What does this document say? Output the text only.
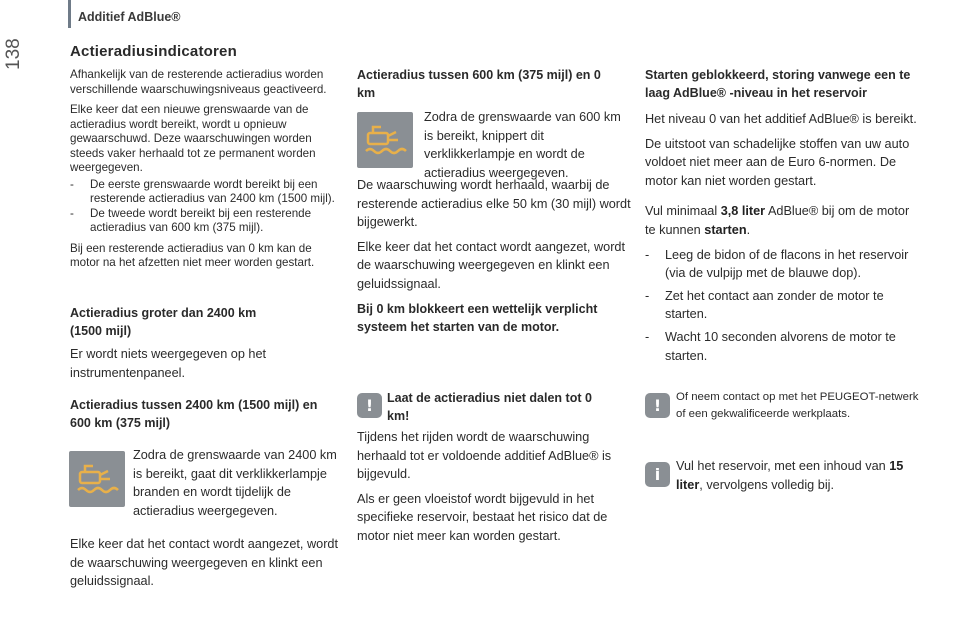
Additief AdBlue®
138	Actieradiusindicatoren

Afhankelijk van de resterende actieradius worden verschillende waarschuwingsniveaus geactiveerd.

Elke keer dat een nieuwe grenswaarde van de actieradius wordt bereikt, wordt u opnieuw gewaarschuwd. Deze waarschuwingen worden steeds vaker herhaald tot ze permanent worden weergegeven.

- De eerste grenswaarde wordt bereikt bij een resterende actieradius van 2400 km (1500 mijl).
- De tweede wordt bereikt bij een resterende actieradius van 600 km (375 mijl).

Bij een resterende actieradius van 0 km kan de motor na het afzetten niet meer worden gestart.

Actieradius groter dan 2400 km (1500 mijl)

Er wordt niets weergegeven op het instrumentenpaneel.

Actieradius tussen 2400 km (1500 mijl) en 600 km (375 mijl)

Zodra de grenswaarde van 2400 km is bereikt, gaat dit verklikkerlampje branden en wordt tijdelijk de actieradius weergegeven.

Elke keer dat het contact wordt aangezet, wordt de waarschuwing weergegeven en klinkt een geluidssignaal.

Actieradius tussen 600 km (375 mijl) en 0 km

Zodra de grenswaarde van 600 km is bereikt, knippert dit verklikkerlampje en wordt de actieradius weergegeven.

De waarschuwing wordt herhaald, waarbij de resterende actieradius elke 50 km (30 mijl) wordt bijgewerkt.

Elke keer dat het contact wordt aangezet, wordt de waarschuwing weergegeven en klinkt een geluidssignaal.

Bij 0 km blokkeert een wettelijk verplicht systeem het starten van de motor.

!	Laat de actieradius niet dalen tot 0 km!

Tijdens het rijden wordt de waarschuwing herhaald tot er voldoende additief AdBlue® is bijgevuld.

Als er geen vloeistof wordt bijgevuld in het specifieke reservoir, bestaat het risico dat de motor niet meer kan worden gestart.

Starten geblokkeerd, storing vanwege een te laag AdBlue® -niveau in het reservoir

Het niveau 0 van het additief AdBlue® is bereikt.

De uitstoot van schadelijke stoffen van uw auto voldoet niet meer aan de Euro 6-normen. De motor kan niet worden gestart.

Vul minimaal 3,8 liter AdBlue® bij om de motor te kunnen starten.

- Leeg de bidon of de flacons in het reservoir (via de vulpijp met de blauwe dop).
- Zet het contact aan zonder de motor te starten.
- Wacht 10 seconden alvorens de motor te starten.
!	Of neem contact op met het PEUGEOT-netwerk of een gekwalificeerde werkplaats.

i	Vul het reservoir, met een inhoud van 15 liter, vervolgens volledig bij.
